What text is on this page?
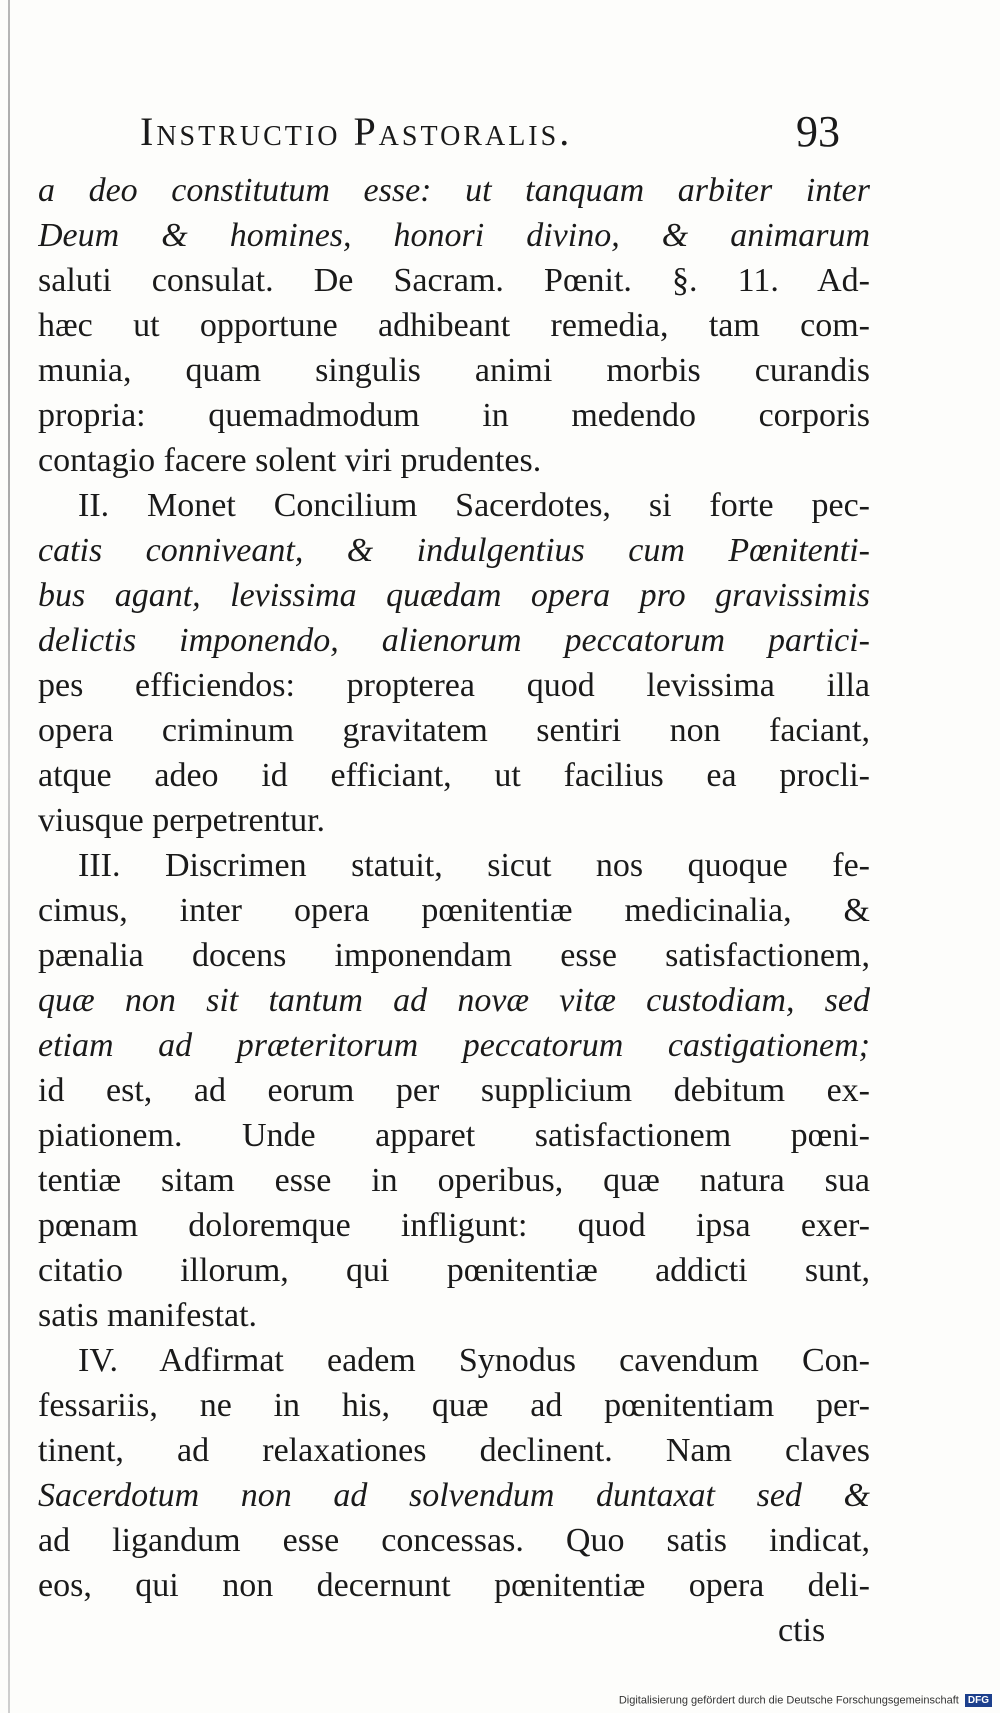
Instructio Pastoralis.	93
a deo constitutum esse: ut tanquam arbiter inter
Deum & homines, honori divino, & animarum
saluti consulat. De Sacram. Pœnit. §. 11. Ad-
hæc ut opportune adhibeant remedia, tam com-
munia, quam singulis animi morbis curandis
propria: quemadmodum in medendo corporis
contagio facere solent viri prudentes.
II. Monet Concilium Sacerdotes, si forte pec-
catis conniveant, & indulgentius cum Pœnitenti-
bus agant, levissima quædam opera pro gravissimis
delictis imponendo, alienorum peccatorum partici-
pes efficiendos: propterea quod levissima illa
opera criminum gravitatem sentiri non faciant,
atque adeo id efficiant, ut facilius ea procli-
viusque perpetrentur.
III. Discrimen statuit, sicut nos quoque fe-
cimus, inter opera pœnitentiæ medicinalia, &
pænalia docens imponendam esse satisfactionem,
quæ non sit tantum ad novæ vitæ custodiam, sed
etiam ad præteritorum peccatorum castigationem;
id est, ad eorum per supplicium debitum ex-
piationem. Unde apparet satisfactionem pœni-
tentiæ sitam esse in operibus, quæ natura sua
pœnam doloremque infligunt: quod ipsa exer-
citatio illorum, qui pœnitentiæ addicti sunt,
satis manifestat.
IV. Adfirmat eadem Synodus cavendum Con-
fessariis, ne in his, quæ ad pœnitentiam per-
tinent, ad relaxationes declinent. Nam claves
Sacerdotum non ad solvendum duntaxat sed &
ad ligandum esse concessas. Quo satis indicat,
eos, qui non decernunt pœnitentiæ opera deli-
ctis
Digitalisierung gefördert durch die Deutsche Forschungsgemeinschaft DFG
